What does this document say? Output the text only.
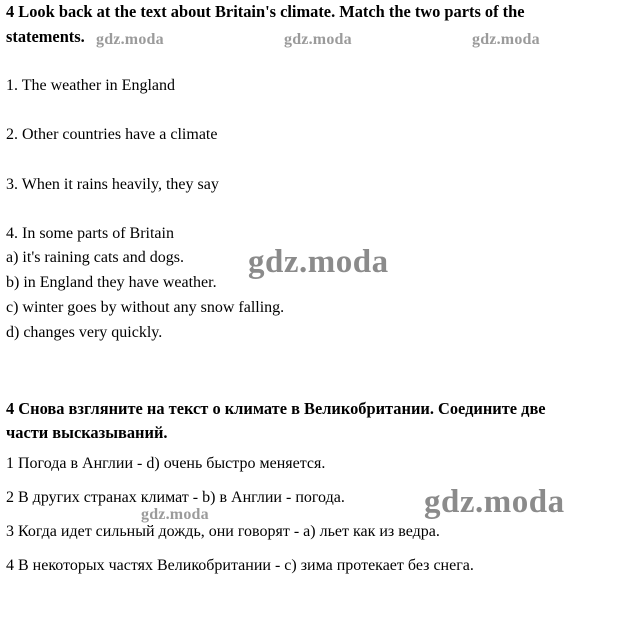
4 Look back at the text about Britain's climate. Match the two parts of the
statements.
1. The weather in England
2. Other countries have a climate
3. When it rains heavily, they say
4. In some parts of Britain
a) it's raining cats and dogs.
b) in England they have weather.
c) winter goes by without any snow falling.
d) changes very quickly.
4 Снова взгляните на текст о климате в Великобритании. Соедините две
части высказываний.
1 Погода в Англии - d) очень быстро меняется.
2 В других странах климат - b) в Англии - погода.
3 Когда идет сильный дождь, они говорят - а) льет как из ведра.
4 В некоторых частях Великобритании - с) зима протекает без снега.
gdz.moda	gdz.moda	gdz.moda
gdz.moda
gdz.moda
gdz.moda
